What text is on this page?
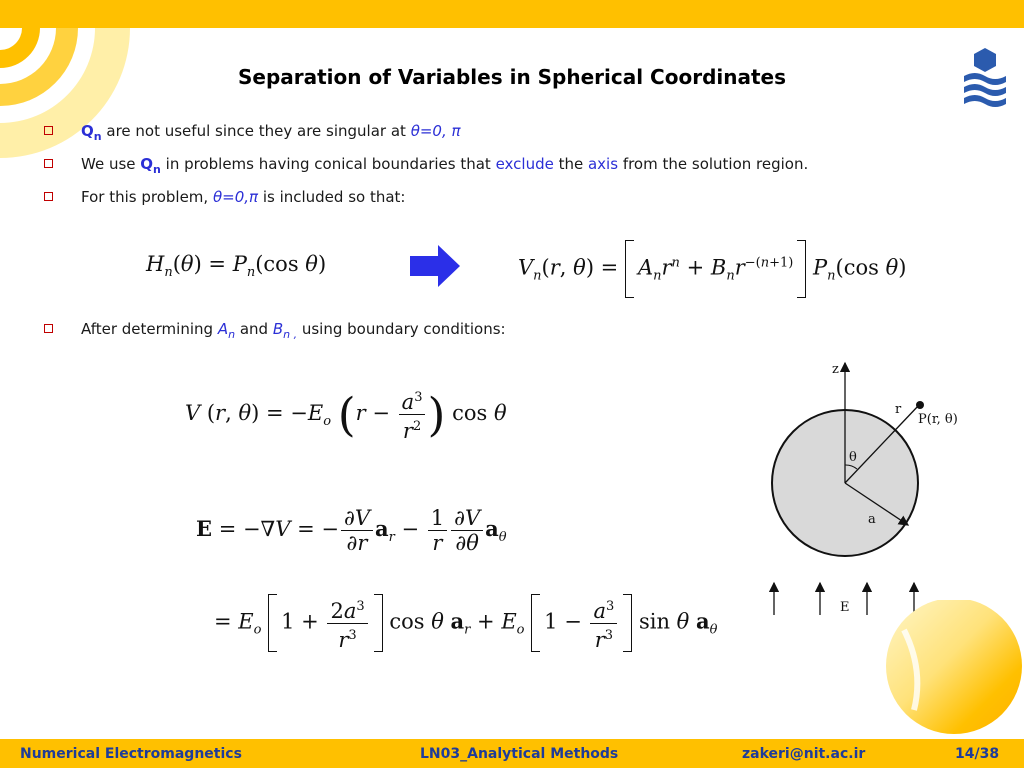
Separation of Variables in Spherical Coordinates
$Q_n$ are not useful since they are singular at θ=0, π
We use $Q_n$ in problems having conical boundaries that exclude the axis from the solution region.
For this problem, θ=0,π is included so that:
$H_n(\theta) = P_n(\cos$ θ)	$V_n(r$, $\theta) = A_nr^n + B_nr^{-(n+1)}$ $P_n(\cos$ θ)
After determining $A_n$ and $B_{n ,}$ using boundary conditions:
V (r, $\theta) = -E_o$ ($r - \frac{a^3}{r^2}$ ) cos θ
E = −∇V = − $\frac{\partial V}{\partial r} a_r - \frac{1}{r} \frac{\partial V}{\partial\theta} a_\theta$
= $E_o$ $1 + \frac{2a^3}{r^3}$ cos θ $a_r + E_o$ $1 - \frac{a^3}{r^3}$ sin θ $a_\theta$
z
r
P(r, θ)
θ
a
E
Numerical Electromagnetics	LN03_Analytical Methods	zakeri@nit.ac.ir	14/38
